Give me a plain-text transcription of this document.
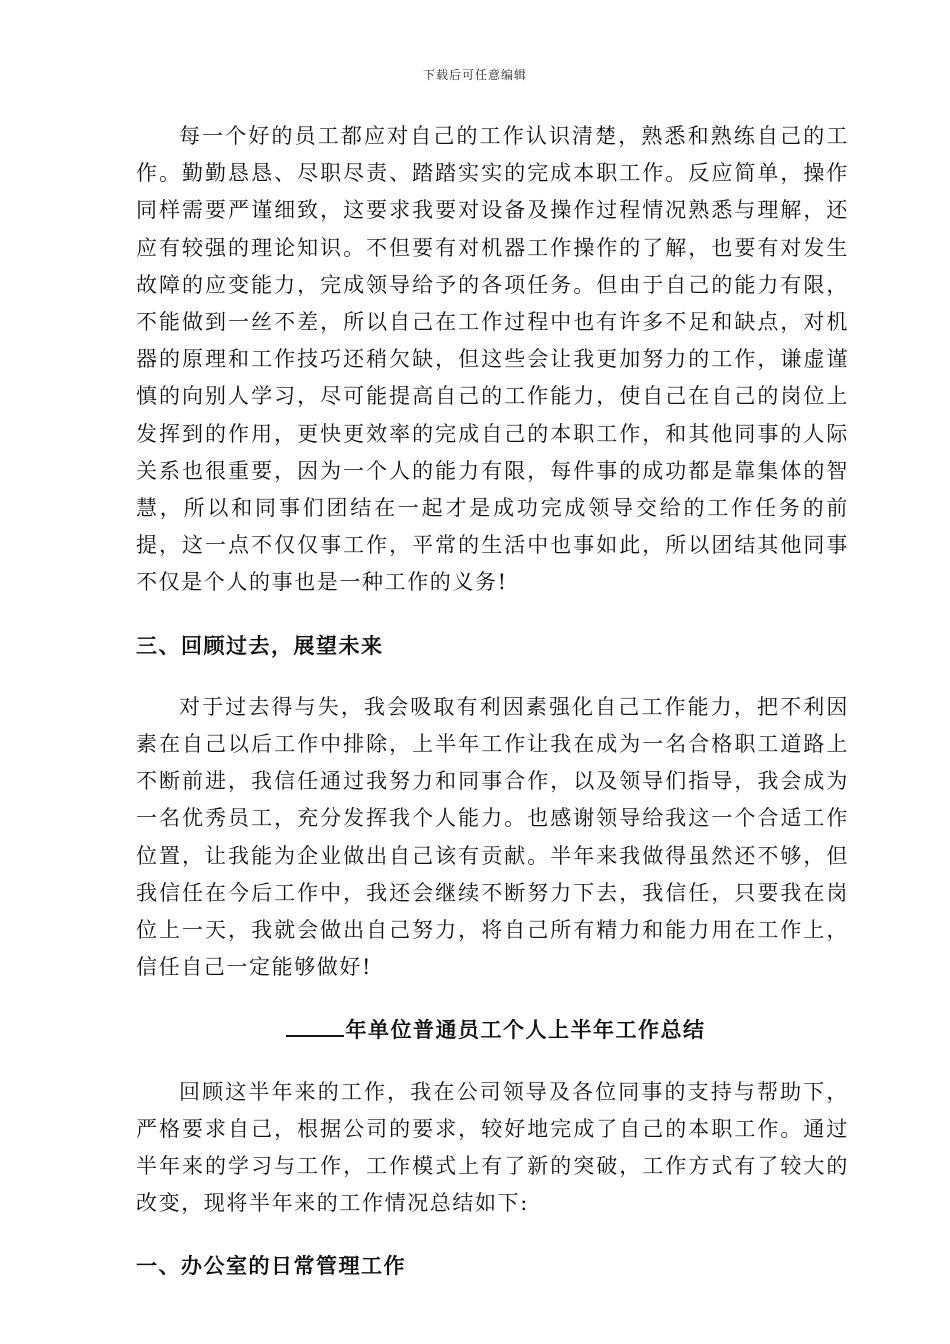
下载后可任意编辑

每一个好的员工都应对自己的工作认识清楚，熟悉和熟练自己的工作。勤勤恳恳、尽职尽责、踏踏实实的完成本职工作。反应简单，操作同样需要严谨细致，这要求我要对设备及操作过程情况熟悉与理解，还应有较强的理论知识。不但要有对机器工作操作的了解，也要有对发生故障的应变能力，完成领导给予的各项任务。但由于自己的能力有限，不能做到一丝不差，所以自己在工作过程中也有许多不足和缺点，对机器的原理和工作技巧还稍欠缺，但这些会让我更加努力的工作，谦虚谨慎的向别人学习，尽可能提高自己的工作能力，使自己在自己的岗位上发挥到的作用，更快更效率的完成自己的本职工作，和其他同事的人际关系也很重要，因为一个人的能力有限，每件事的成功都是靠集体的智慧，所以和同事们团结在一起才是成功完成领导交给的工作任务的前提，这一点不仅仅事工作，平常的生活中也事如此，所以团结其他同事不仅是个人的事也是一种工作的义务!

三、回顾过去，展望未来

对于过去得与失，我会吸取有利因素强化自己工作能力，把不利因素在自己以后工作中排除，上半年工作让我在成为一名合格职工道路上不断前进，我信任通过我努力和同事合作，以及领导们指导，我会成为一名优秀员工，充分发挥我个人能力。也感谢领导给我这一个合适工作位置，让我能为企业做出自己该有贡献。半年来我做得虽然还不够，但我信任在今后工作中，我还会继续不断努力下去，我信任，只要我在岗位上一天，我就会做出自己努力，将自己所有精力和能力用在工作上，信任自己一定能够做好!

年单位普通员工个人上半年工作总结

回顾这半年来的工作，我在公司领导及各位同事的支持与帮助下，严格要求自己，根据公司的要求，较好地完成了自己的本职工作。通过半年来的学习与工作，工作模式上有了新的突破，工作方式有了较大的改变，现将半年来的工作情况总结如下:

一、办公室的日常管理工作
